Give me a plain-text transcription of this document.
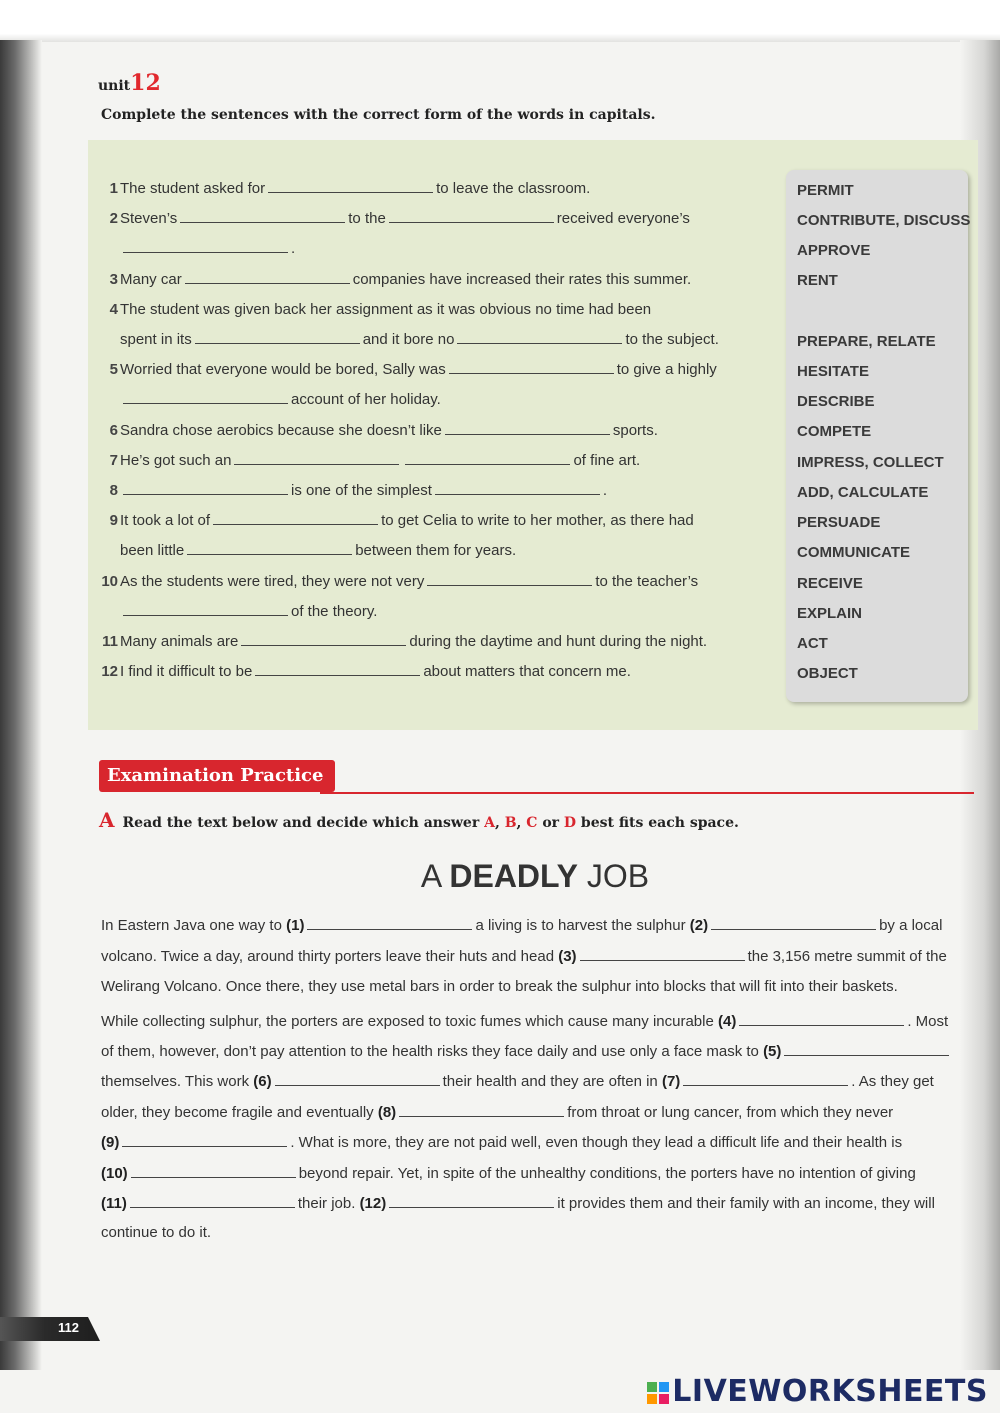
unit12
Complete the sentences with the correct form of the words in capitals.
1 The student asked for	to leave the classroom.
2 Steven’s	to the	received everyone’s
.
3 Many car	companies have increased their rates this summer.
4 The student was given back her assignment as it was obvious no time had been
spent in its	and it bore no	to the subject.
5 Worried that everyone would be bored, Sally was	to give a highly
account of her holiday.
6 Sandra chose aerobics because she doesn’t like	sports.
7 He’s got such an	of fine art.
8	is one of the simplest	.
9 It took a lot of	to get Celia to write to her mother, as there had
been little	between them for years.
10 As the students were tired, they were not very	to the teacher’s
of the theory.
11 Many animals are	during the daytime and hunt during the night.
12 I find it difficult to be	about matters that concern me.
PERMIT
CONTRIBUTE, DISCUSS
APPROVE
RENT
PREPARE, RELATE
HESITATE
DESCRIBE
COMPETE
IMPRESS, COLLECT
ADD, CALCULATE
PERSUADE
COMMUNICATE
RECEIVE
EXPLAIN
ACT
OBJECT
Examination Practice
A Read the text below and decide which answer A, B, C or D best fits each space.
A DEADLY JOB
In Eastern Java one way to (1)	a living is to harvest the sulphur (2)	by a local
volcano. Twice a day, around thirty porters leave their huts and head (3)	the 3,156 metre summit of the
Welirang Volcano. Once there, they use metal bars in order to break the sulphur into blocks that will fit into their baskets.
While collecting sulphur, the porters are exposed to toxic fumes which cause many incurable (4)	. Most
of them, however, don’t pay attention to the health risks they face daily and use only a face mask to (5)
themselves. This work (6)	their health and they are often in (7)	. As they get
older, they become fragile and eventually (8)	from throat or lung cancer, from which they never
(9)	. What is more, they are not paid well, even though they lead a difficult life and their health is
(10)	beyond repair. Yet, in spite of the unhealthy conditions, the porters have no intention of giving
(11)	their job. (12)	it provides them and their family with an income, they will
continue to do it.
112
LIVEWORKSHEETS
